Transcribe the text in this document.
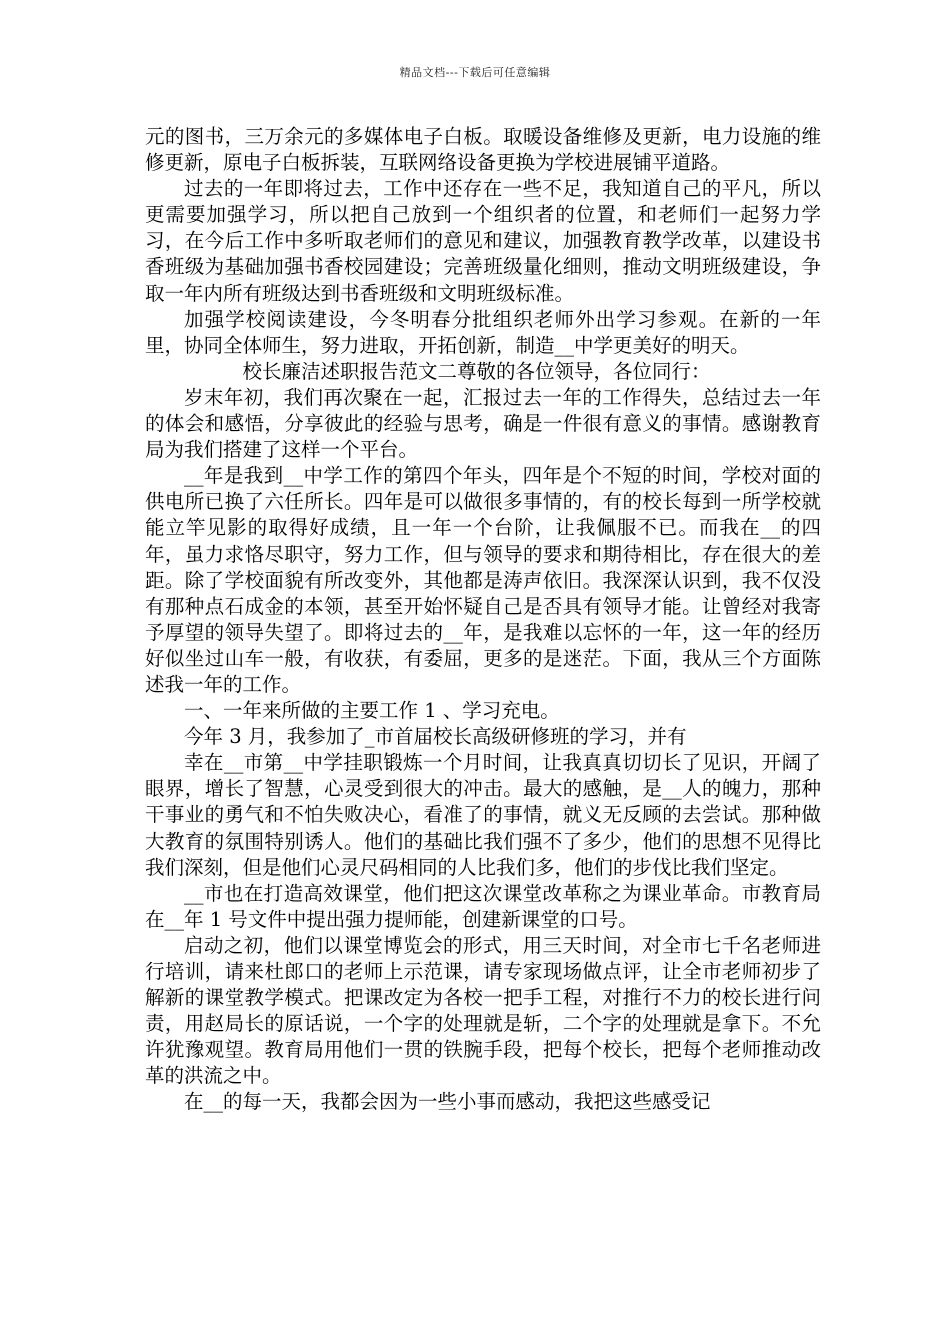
精品文档---下载后可任意编辑

元的图书，三万余元的多媒体电子白板。取暖设备维修及更新，电力设施的维修更新，原电子白板拆装，互联网络设备更换为学校进展铺平道路。

过去的一年即将过去，工作中还存在一些不足，我知道自己的平凡，所以更需要加强学习，所以把自己放到一个组织者的位置，和老师们一起努力学习，在今后工作中多听取老师们的意见和建议，加强教育教学改革，以建设书香班级为基础加强书香校园建设；完善班级量化细则，推动文明班级建设，争取一年内所有班级达到书香班级和文明班级标准。

加强学校阅读建设，今冬明春分批组织老师外出学习参观。在新的一年里，协同全体师生，努力进取，开拓创新，制造__中学更美好的明天。

校长廉洁述职报告范文二尊敬的各位领导，各位同行：

岁末年初，我们再次聚在一起，汇报过去一年的工作得失，总结过去一年的体会和感悟，分享彼此的经验与思考，确是一件很有意义的事情。感谢教育局为我们搭建了这样一个平台。

__年是我到__中学工作的第四个年头，四年是个不短的时间，学校对面的供电所已换了六任所长。四年是可以做很多事情的，有的校长每到一所学校就能立竿见影的取得好成绩，且一年一个台阶，让我佩服不已。而我在__的四年，虽力求恪尽职守，努力工作，但与领导的要求和期待相比，存在很大的差距。除了学校面貌有所改变外，其他都是涛声依旧。我深深认识到，我不仅没有那种点石成金的本领，甚至开始怀疑自己是否具有领导才能。让曾经对我寄予厚望的领导失望了。即将过去的__年，是我难以忘怀的一年，这一年的经历好似坐过山车一般，有收获，有委屈，更多的是迷茫。下面，我从三个方面陈述我一年的工作。

一、一年来所做的主要工作 1 、学习充电。

今年 3 月，我参加了_市首届校长高级研修班的学习，并有

幸在__市第__中学挂职锻炼一个月时间，让我真真切切长了见识，开阔了眼界，增长了智慧，心灵受到很大的冲击。最大的感触，是__人的魄力，那种干事业的勇气和不怕失败决心，看准了的事情，就义无反顾的去尝试。那种做大教育的氛围特别诱人。他们的基础比我们强不了多少，他们的思想不见得比我们深刻，但是他们心灵尺码相同的人比我们多，他们的步伐比我们坚定。

__市也在打造高效课堂，他们把这次课堂改革称之为课业革命。市教育局在__年 1 号文件中提出强力提师能，创建新课堂的口号。

启动之初，他们以课堂博览会的形式，用三天时间，对全市七千名老师进行培训，请来杜郎口的老师上示范课，请专家现场做点评，让全市老师初步了解新的课堂教学模式。把课改定为各校一把手工程，对推行不力的校长进行问责，用赵局长的原话说，一个字的处理就是斩，二个字的处理就是拿下。不允许犹豫观望。教育局用他们一贯的铁腕手段，把每个校长，把每个老师推动改革的洪流之中。

在__的每一天，我都会因为一些小事而感动，我把这些感受记
